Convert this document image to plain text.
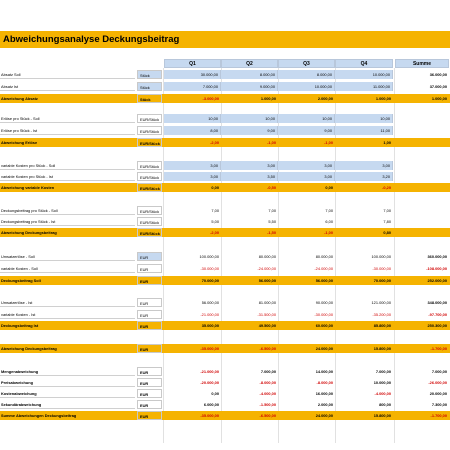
Abweichungsanalyse Deckungsbeitrag
Q1	Q2	Q3	Q4	Summe
Absatz Soll	Stück	30.000,00	8.000,00	8.000,00	10.000,00	36.000,00
Absatz Ist	Stück	7.000,00	9.000,00	10.000,00	11.000,00	37.000,00
Abweichung Absatz	Stück	-3.000,00	1.000,00	2.000,00	1.000,00	1.000,00
Erlöse pro Stück - Soll	EUR/Stück	10,00	10,00	10,00	10,00
Erlöse pro Stück - Ist	EUR/Stück	8,00	9,00	9,00	11,00
Abweichung Erlöse	EUR/Stück	-2,00	-1,00	-1,00	1,00
variable Kosten pro Stück - Soll	EUR/Stück	3,00	3,00	3,00	3,00
variable Kosten pro Stück - Ist	EUR/Stück	3,00	3,50	3,00	3,20
Abweichung variable Kosten	EUR/Stück	0,00	-0,50	0,00	-0,20
Deckungsbeitrag pro Stück - Soll	EUR/Stück	7,00	7,00	7,00	7,00
Deckungsbeitrag pro Stück - Ist	EUR/Stück	5,00	5,50	6,00	7,80
Abweichung Deckungsbeitrag	EUR/Stück	-2,00	-1,50	-1,00	0,80
Umsatzerlöse - Soll	EUR	100.000,00	80.000,00	80.000,00	100.000,00	360.000,00
variable Kosten - Soll	EUR	-30.000,00	-24.000,00	-24.000,00	-30.000,00	-108.000,00
Deckungsbeitrag Soll	EUR	70.000,00	56.000,00	56.000,00	70.000,00	252.000,00
Umsatzerlöse - Ist	EUR	56.000,00	81.000,00	90.000,00	121.000,00	348.000,00
variable Kosten - Ist	EUR	-21.000,00	-31.500,00	-30.000,00	-35.200,00	-97.700,00
Deckungsbeitrag Ist	EUR	35.000,00	49.500,00	60.000,00	85.800,00	250.300,00
Abweichung Deckungsbeitrag	EUR	-35.000,00	-6.500,00	24.000,00	15.800,00	-1.700,00
Mengenabweichung	EUR	-21.000,00	7.000,00	14.000,00	7.000,00	7.000,00
Preisabweichung	EUR	-20.000,00	-8.000,00	-8.000,00	10.000,00	-26.000,00
Kostenabweichung	EUR	0,00	-4.000,00	16.000,00	-4.000,00	20.000,00
Sekundärabweichung	EUR	6.000,00	-1.500,00	2.000,00	800,00	7.300,00
Summe Abweichungen Deckungsbeitrag	EUR	-35.000,00	-6.500,00	24.000,00	15.800,00	-1.700,00
